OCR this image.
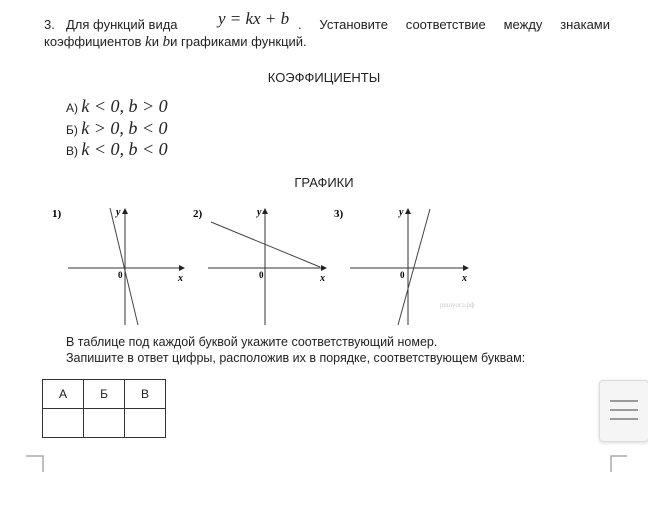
3. Для функций вида y = kx + b . Установите соответствие между знаками
коэффициентов kи bи графиками функций.
КОЭФФИЦИЕНТЫ
А) k < 0, b > 0
Б) k > 0, b < 0
В) k < 0, b < 0
ГРАФИКИ
1)	y
x
0
2)	y
x
0
3)	y
x
0
решуогэ.рф
В таблице под каждой буквой укажите соответствующий номер.
Запишите в ответ цифры, расположив их в порядке, соответствующем буквам:
А	Б	В
